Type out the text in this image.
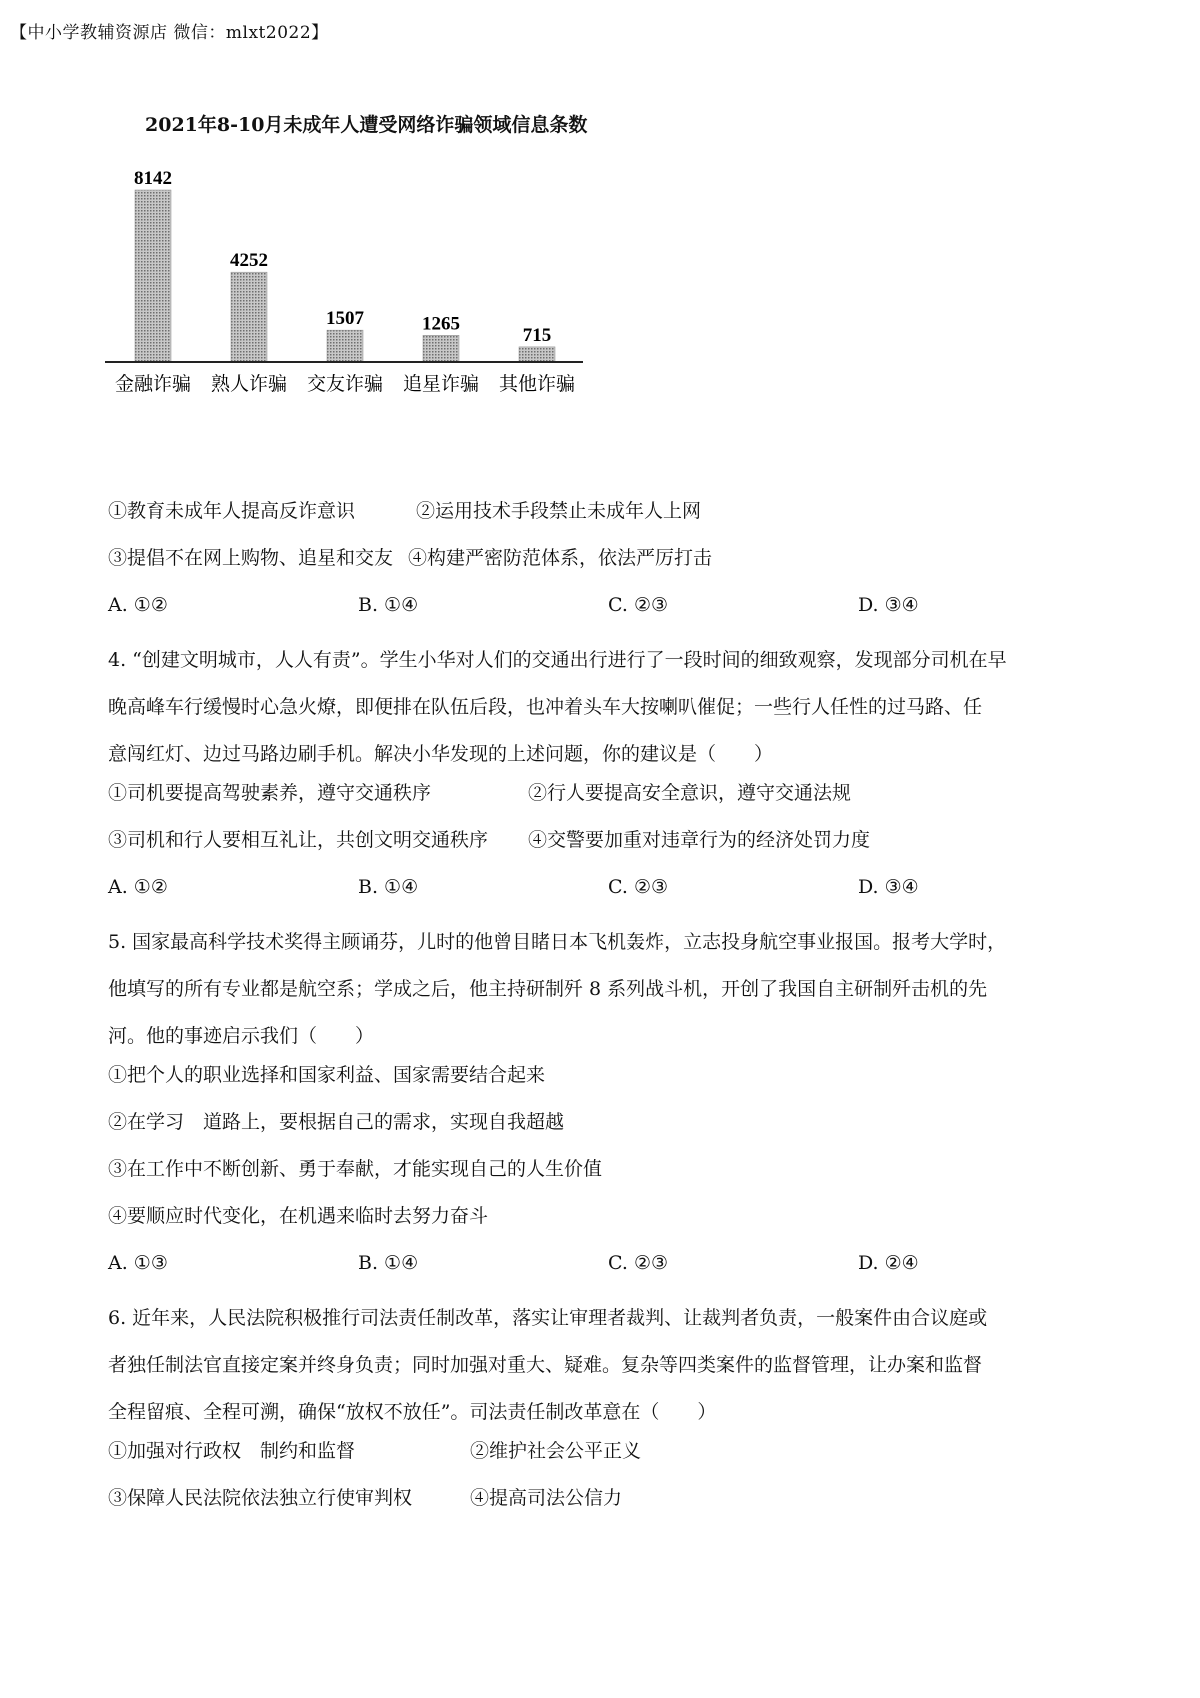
【中小学教辅资源店 微信：mlxt2022】
2021年8-10月未成年人遭受网络诈骗领域信息条数
8142
金融诈骗
4252
熟人诈骗
1507
交友诈骗
1265
追星诈骗
715
其他诈骗
①教育未成年人提高反诈意识	②运用技术手段禁止未成年人上网
③提倡不在网上购物、追星和交友 ④构建严密防范体系，依法严厉打击
A. ①②	B. ①④	C. ②③	D. ③④
4. “创建文明城市，人人有责”。学生小华对人们的交通出行进行了一段时间的细致观察，发现部分司机在早
晚高峰车行缓慢时心急火燎，即便排在队伍后段，也冲着头车大按喇叭催促；一些行人任性的过马路、任
意闯红灯、边过马路边刷手机。解决小华发现的上述问题，你的建议是（　　）
①司机要提高驾驶素养，遵守交通秩序	②行人要提高安全意识，遵守交通法规
③司机和行人要相互礼让，共创文明交通秩序 ④交警要加重对违章行为的经济处罚力度
A. ①②	B. ①④	C. ②③	D. ③④
5. 国家最高科学技术奖得主顾诵芬，儿时的他曾目睹日本飞机轰炸，立志投身航空事业报国。报考大学时，
他填写的所有专业都是航空系；学成之后，他主持研制歼 8 系列战斗机，开创了我国自主研制歼击机的先
河。他的事迹启示我们（　　）
①把个人的职业选择和国家利益、国家需要结合起来
②在学习　道路上，要根据自己的需求，实现自我超越
③在工作中不断创新、勇于奉献，才能实现自己的人生价值
④要顺应时代变化，在机遇来临时去努力奋斗
A. ①③	B. ①④	C. ②③	D. ②④
6. 近年来，人民法院积极推行司法责任制改革，落实让审理者裁判、让裁判者负责，一般案件由合议庭或
者独任制法官直接定案并终身负责；同时加强对重大、疑难。复杂等四类案件的监督管理，让办案和监督
全程留痕、全程可溯，确保“放权不放任”。司法责任制改革意在（　　）
①加强对行政权　制约和监督	②维护社会公平正义
③保障人民法院依法独立行使审判权	④提高司法公信力
